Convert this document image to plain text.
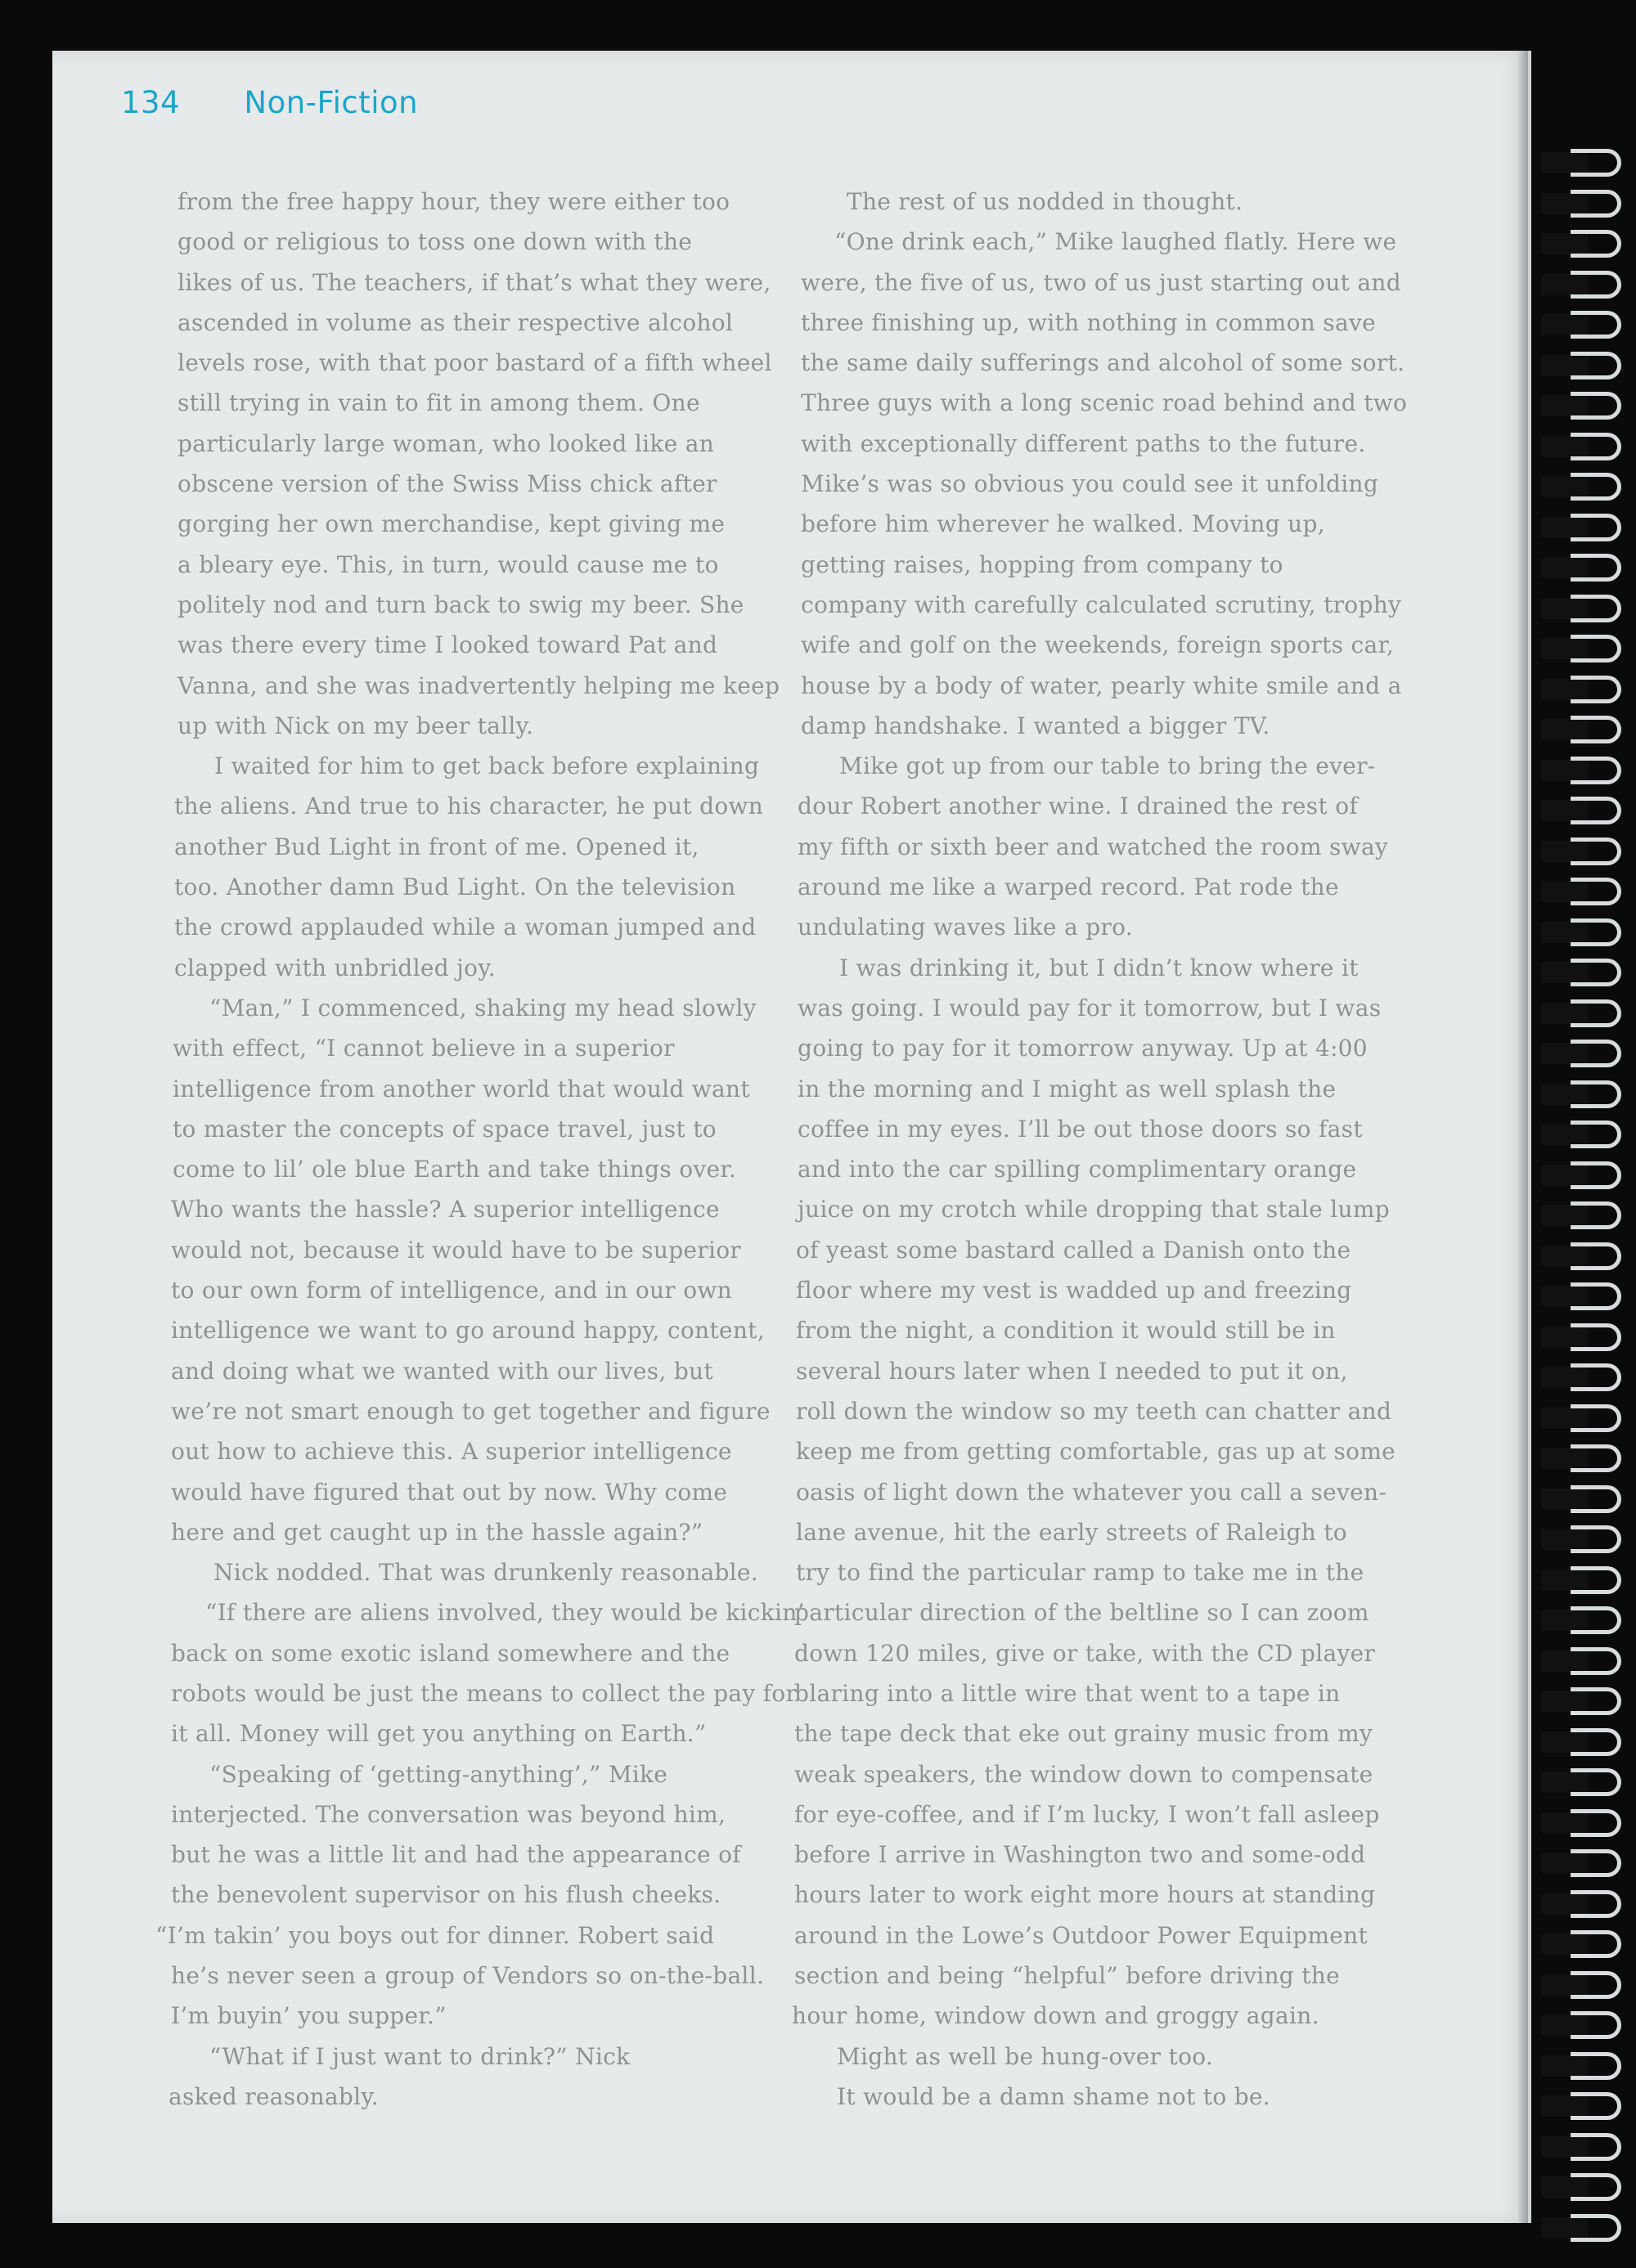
134 Non-Fiction
from the free happy hour, they were either too
good or religious to toss one down with the
likes of us. The teachers, if that’s what they were,
ascended in volume as their respective alcohol
levels rose, with that poor bastard of a fifth wheel
still trying in vain to fit in among them. One
particularly large woman, who looked like an
obscene version of the Swiss Miss chick after
gorging her own merchandise, kept giving me
a bleary eye. This, in turn, would cause me to
politely nod and turn back to swig my beer. She
was there every time I looked toward Pat and
Vanna, and she was inadvertently helping me keep
up with Nick on my beer tally.
I waited for him to get back before explaining
the aliens. And true to his character, he put down
another Bud Light in front of me. Opened it,
too. Another damn Bud Light. On the television
the crowd applauded while a woman jumped and
clapped with unbridled joy.
“Man,” I commenced, shaking my head slowly
with effect, “I cannot believe in a superior
intelligence from another world that would want
to master the concepts of space travel, just to
come to lil’ ole blue Earth and take things over.
Who wants the hassle? A superior intelligence
would not, because it would have to be superior
to our own form of intelligence, and in our own
intelligence we want to go around happy, content,
and doing what we wanted with our lives, but
we’re not smart enough to get together and figure
out how to achieve this. A superior intelligence
would have figured that out by now. Why come
here and get caught up in the hassle again?”
Nick nodded. That was drunkenly reasonable.
“If there are aliens involved, they would be kickin’
back on some exotic island somewhere and the
robots would be just the means to collect the pay for
it all. Money will get you anything on Earth.”
“Speaking of ‘getting-anything’,” Mike
interjected. The conversation was beyond him,
but he was a little lit and had the appearance of
the benevolent supervisor on his flush cheeks.
“I’m takin’ you boys out for dinner. Robert said
he’s never seen a group of Vendors so on-the-ball.
I’m buyin’ you supper.”
“What if I just want to drink?” Nick
asked reasonably.
The rest of us nodded in thought.
“One drink each,” Mike laughed flatly. Here we
were, the five of us, two of us just starting out and
three finishing up, with nothing in common save
the same daily sufferings and alcohol of some sort.
Three guys with a long scenic road behind and two
with exceptionally different paths to the future.
Mike’s was so obvious you could see it unfolding
before him wherever he walked. Moving up,
getting raises, hopping from company to
company with carefully calculated scrutiny, trophy
wife and golf on the weekends, foreign sports car,
house by a body of water, pearly white smile and a
damp handshake. I wanted a bigger TV.
Mike got up from our table to bring the ever-
dour Robert another wine. I drained the rest of
my fifth or sixth beer and watched the room sway
around me like a warped record. Pat rode the
undulating waves like a pro.
I was drinking it, but I didn’t know where it
was going. I would pay for it tomorrow, but I was
going to pay for it tomorrow anyway. Up at 4:00
in the morning and I might as well splash the
coffee in my eyes. I’ll be out those doors so fast
and into the car spilling complimentary orange
juice on my crotch while dropping that stale lump
of yeast some bastard called a Danish onto the
floor where my vest is wadded up and freezing
from the night, a condition it would still be in
several hours later when I needed to put it on,
roll down the window so my teeth can chatter and
keep me from getting comfortable, gas up at some
oasis of light down the whatever you call a seven-
lane avenue, hit the early streets of Raleigh to
try to find the particular ramp to take me in the
particular direction of the beltline so I can zoom
down 120 miles, give or take, with the CD player
blaring into a little wire that went to a tape in
the tape deck that eke out grainy music from my
weak speakers, the window down to compensate
for eye-coffee, and if I’m lucky, I won’t fall asleep
before I arrive in Washington two and some-odd
hours later to work eight more hours at standing
around in the Lowe’s Outdoor Power Equipment
section and being “helpful” before driving the
hour home, window down and groggy again.
Might as well be hung-over too.
It would be a damn shame not to be.
